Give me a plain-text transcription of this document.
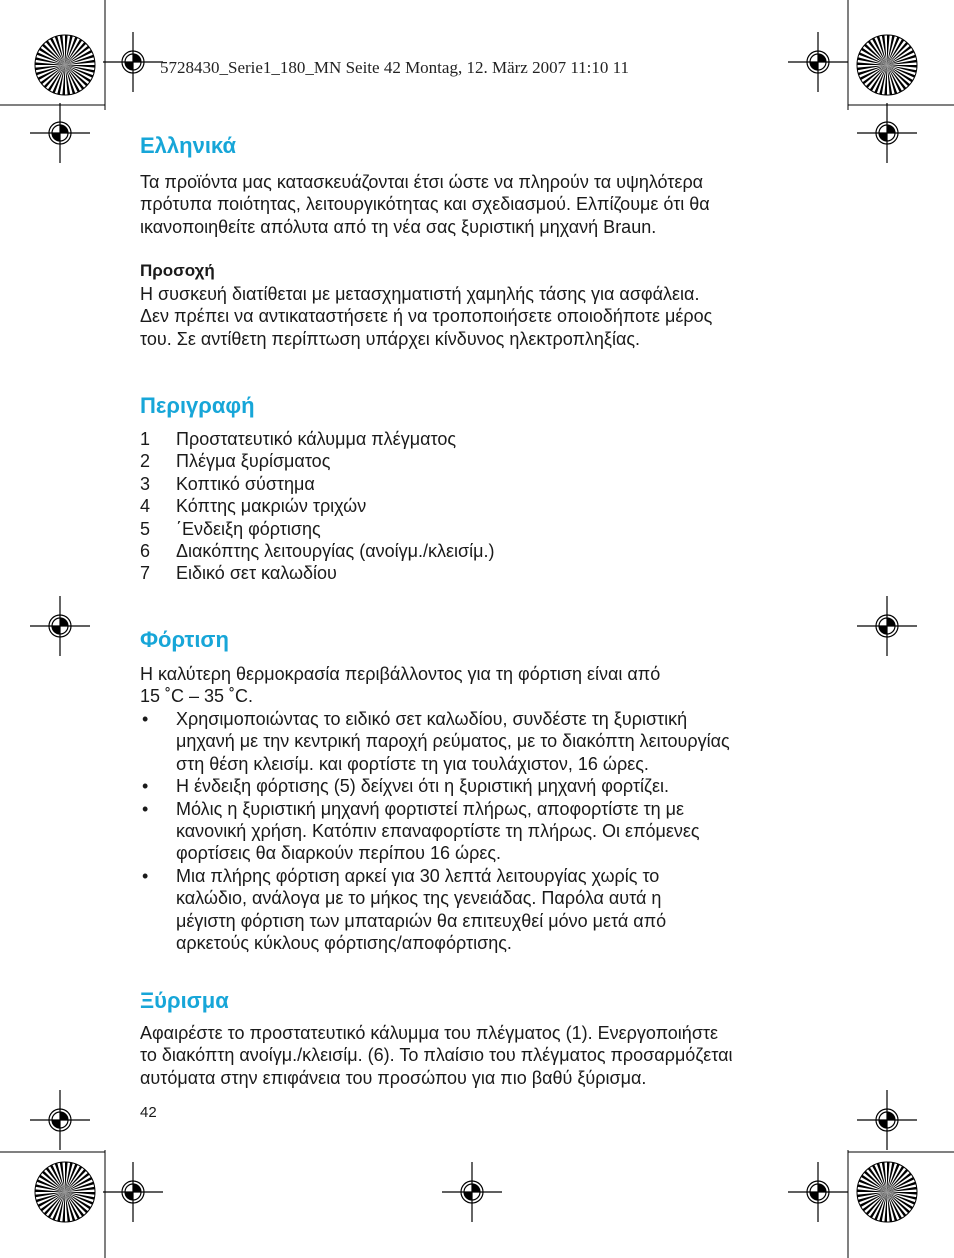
5728430_Serie1_180_MN Seite 42 Montag, 12. März 2007 11:10 11
Ελληνικά

Τα προϊόντα μας κατασκευάζονται έτσι ώστε να πληρούν τα υψηλότερα
πρότυπα ποιότητας, λειτουργικότητας και σχεδιασμού. Ελπίζουμε ότι θα
ικανοποιηθείτε απόλυτα από τη νέα σας ξυριστική μηχανή Braun.

Προσοχή

Η συσκευή διατίθεται με μετασχηματιστή χαμηλής τάσης για ασφάλεια.
Δεν πρέπει να αντικαταστήσετε ή να τροποποιήσετε οποιοδήποτε μέρος
του. Σε αντίθετη περίπτωση υπάρχει κίνδυνος ηλεκτροπληξίας.

Περιγραφή
1 Προστατευτικό κάλυμμα πλέγματος
2 Πλέγμα ξυρίσματος
3 Κοπτικό σύστημα
4 Κόπτης μακριών τριχών
5 ΄Ενδειξη φόρτισης
6 Διακόπτης λειτουργίας (ανοίγμ./κλεισίμ.)
7 Ειδικό σετ καλωδίου
Φόρτιση

Η καλύτερη θερμοκρασία περιβάλλοντος για τη φόρτιση είναι από
15 ˚C – 35 ˚C.

• Χρησιμοποιώντας το ειδικό σετ καλωδίου, συνδέστε τη ξυριστική
μηχανή με την κεντρική παροχή ρεύματος, με το διακόπτη λειτουργίας
στη θέση κλεισίμ. και φορτίστε τη για τουλάχιστον, 16 ώρες.
• Η ένδειξη φόρτισης (5) δείχνει ότι η ξυριστική μηχανή φορτίζει.
• Μόλις η ξυριστική μηχανή φορτιστεί πλήρως, αποφορτίστε τη με
κανονική χρήση. Κατόπιν επαναφορτίστε τη πλήρως. Οι επόμενες
φορτίσεις θα διαρκούν περίπου 16 ώρες.
• Μια πλήρης φόρτιση αρκεί για 30 λεπτά λειτουργίας χωρίς το
καλώδιο, ανάλογα με το μήκος της γενειάδας. Παρόλα αυτά η
μέγιστη φόρτιση των μπαταριών θα επιτευχθεί μόνο μετά από
αρκετούς κύκλους φόρτισης/αποφόρτισης.
Ξύρισμα

Αφαιρέστε το προστατευτικό κάλυμμα του πλέγματος (1). Ενεργοποιήστε
το διακόπτη ανοίγμ./κλεισίμ. (6). Το πλαίσιο του πλέγματος προσαρμόζεται
αυτόματα στην επιφάνεια του προσώπου για πιο βαθύ ξύρισμα.

42
